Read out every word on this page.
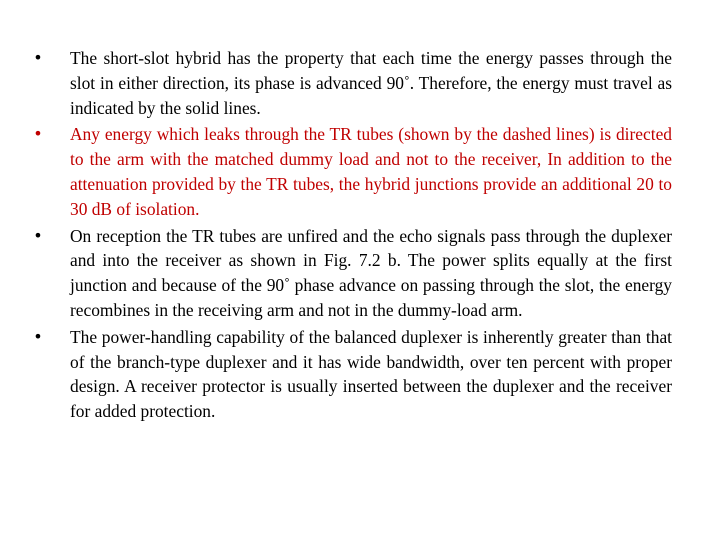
•	The short-slot hybrid has the property that each time the energy passes through the slot in either direction, its phase is advanced 90˚. Therefore, the energy must travel as indicated by the solid lines.
•	Any energy which leaks through the TR tubes (shown by the dashed lines) is directed to the arm with the matched dummy load and not to the receiver, In addition to the attenuation provided by the TR tubes, the hybrid junctions provide an additional 20 to 30 dB of isolation.
•	On reception the TR tubes are unfired and the echo signals pass through the duplexer and into the receiver as shown in Fig. 7.2 b. The power splits equally at the first junction and because of the 90˚ phase advance on passing through the slot, the energy recombines in the receiving arm and not in the dummy-load arm.
•	The power-handling capability of the balanced duplexer is inherently greater than that of the branch-type duplexer and it has wide bandwidth, over ten percent with proper design. A receiver protector is usually inserted between the duplexer and the receiver for added protection.
